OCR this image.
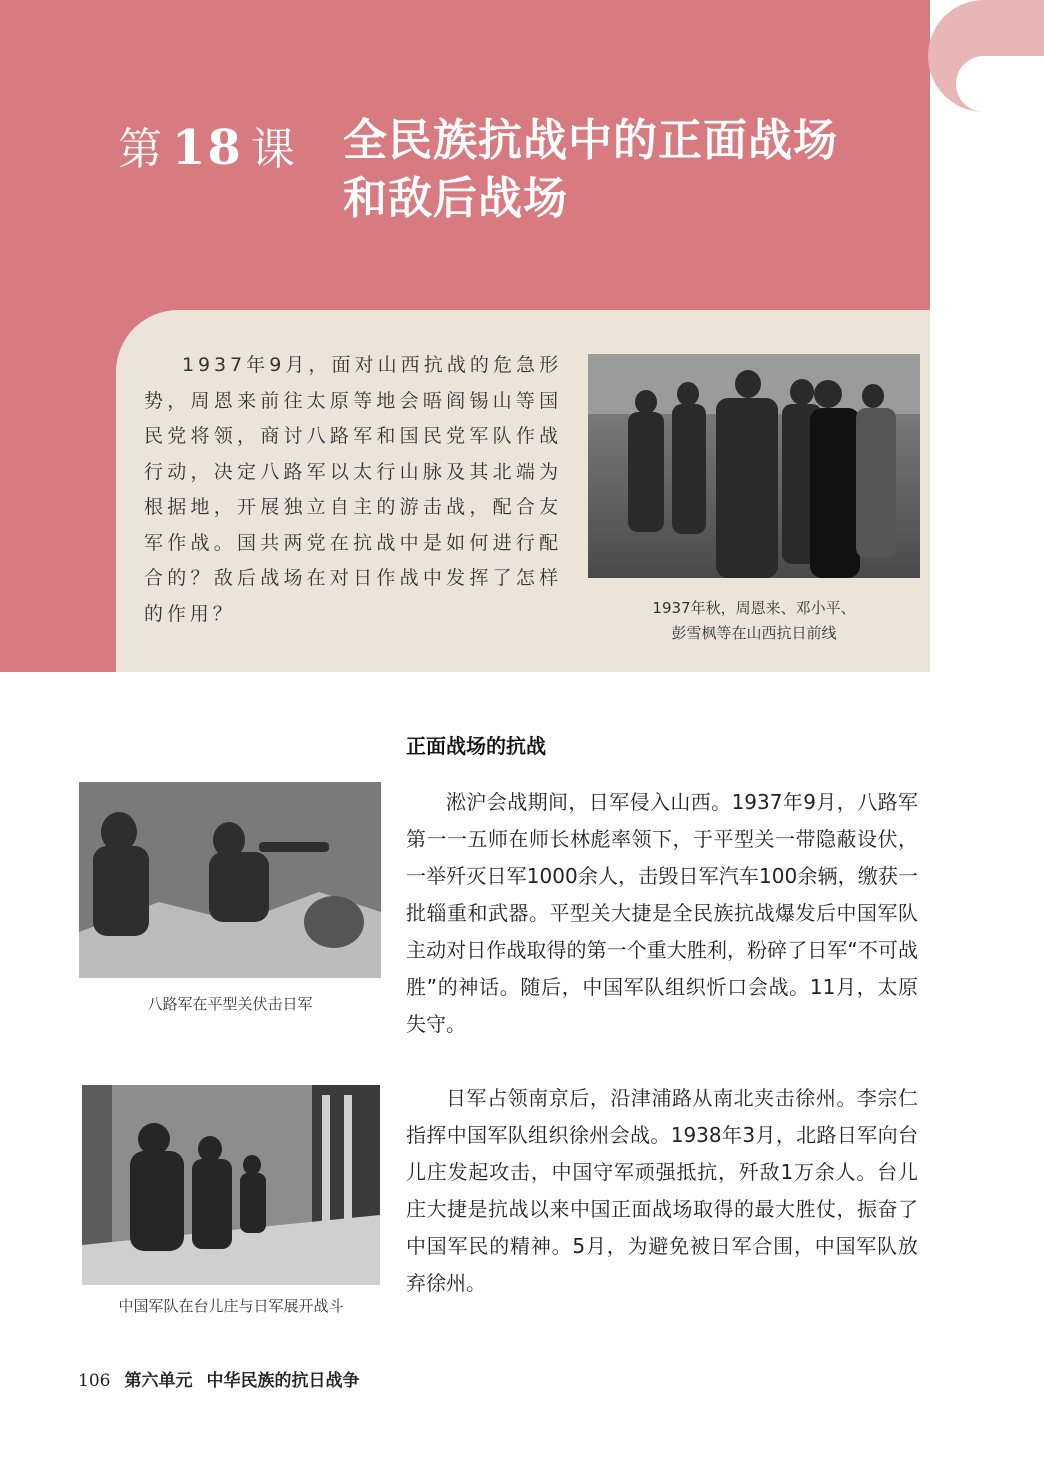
第 18 课 全民族抗战中的正面战场
和敌后战场

1937年9月，面对山西抗战的危急形势，周恩来前往太原等地会晤阎锡山等国民党将领，商讨八路军和国民党军队作战行动，决定八路军以太行山脉及其北端为根据地，开展独立自主的游击战，配合友军作战。国共两党在抗战中是如何进行配合的？敌后战场在对日作战中发挥了怎样的作用？	1937年秋，周恩来、邓小平、
彭雪枫等在山西抗日前线
正面战场的抗战

淞沪会战期间，日军侵入山西。1937年9月，八路军第一一五师在师长林彪率领下，于平型关一带隐蔽设伏，一举歼灭日军1000余人，击毁日军汽车100余辆，缴获一批辎重和武器。平型关大捷是全民族抗战爆发后中国军队主动对日作战取得的第一个重大胜利，粉碎了日军“不可战胜”的神话。随后，中国军队组织忻口会战。11月，太原失守。

日军占领南京后，沿津浦路从南北夹击徐州。李宗仁指挥中国军队组织徐州会战。1938年3月，北路日军向台儿庄发起攻击，中国守军顽强抵抗，歼敌1万余人。台儿庄大捷是抗战以来中国正面战场取得的最大胜仗，振奋了中国军民的精神。5月，为避免被日军合围，中国军队放弃徐州。

八路军在平型关伏击日军
中国军队在台儿庄与日军展开战斗
106 第六单元 中华民族的抗日战争
